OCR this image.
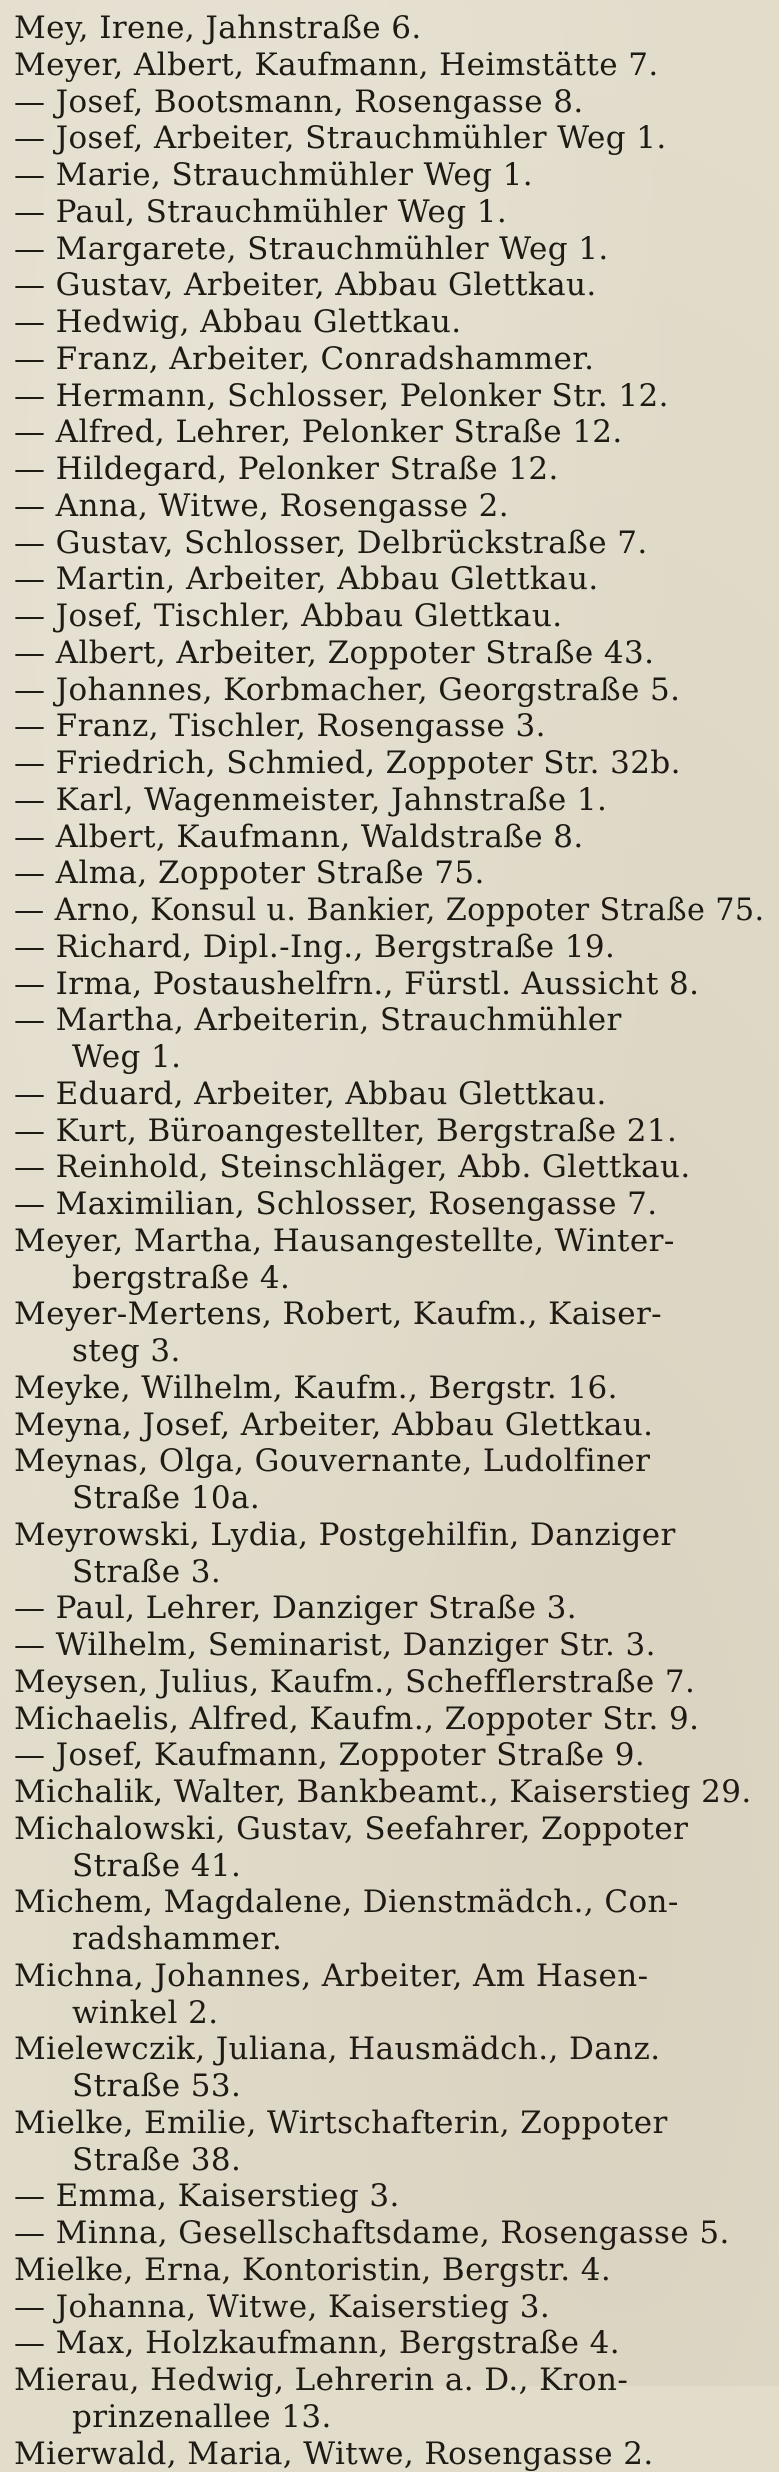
Mey, Irene, Jahnstraße 6.
Meyer, Albert, Kaufmann, Heimstätte 7.
— Josef, Bootsmann, Rosengasse 8.
— Josef, Arbeiter, Strauchmühler Weg 1.
— Marie, Strauchmühler Weg 1.
— Paul, Strauchmühler Weg 1.
— Margarete, Strauchmühler Weg 1.
— Gustav, Arbeiter, Abbau Glettkau.
— Hedwig, Abbau Glettkau.
— Franz, Arbeiter, Conradshammer.
— Hermann, Schlosser, Pelonker Str. 12.
— Alfred, Lehrer, Pelonker Straße 12.
— Hildegard, Pelonker Straße 12.
— Anna, Witwe, Rosengasse 2.
— Gustav, Schlosser, Delbrückstraße 7.
— Martin, Arbeiter, Abbau Glettkau.
— Josef, Tischler, Abbau Glettkau.
— Albert, Arbeiter, Zoppoter Straße 43.
— Johannes, Korbmacher, Georgstraße 5.
— Franz, Tischler, Rosengasse 3.
— Friedrich, Schmied, Zoppoter Str. 32b.
— Karl, Wagenmeister, Jahnstraße 1.
— Albert, Kaufmann, Waldstraße 8.
— Alma, Zoppoter Straße 75.
— Arno, Konsul u. Bankier, Zoppoter Straße 75.
— Richard, Dipl.-Ing., Bergstraße 19.
— Irma, Postaushelfrn., Fürstl. Aussicht 8.
— Martha, Arbeiterin, Strauchmühler
Weg 1.
— Eduard, Arbeiter, Abbau Glettkau.
— Kurt, Büroangestellter, Bergstraße 21.
— Reinhold, Steinschläger, Abb. Glettkau.
— Maximilian, Schlosser, Rosengasse 7.
Meyer, Martha, Hausangestellte, Winter-
bergstraße 4.
Meyer-Mertens, Robert, Kaufm., Kaiser-
steg 3.
Meyke, Wilhelm, Kaufm., Bergstr. 16.
Meyna, Josef, Arbeiter, Abbau Glettkau.
Meynas, Olga, Gouvernante, Ludolfiner
Straße 10a.
Meyrowski, Lydia, Postgehilfin, Danziger
Straße 3.
— Paul, Lehrer, Danziger Straße 3.
— Wilhelm, Seminarist, Danziger Str. 3.
Meysen, Julius, Kaufm., Schefflerstraße 7.
Michaelis, Alfred, Kaufm., Zoppoter Str. 9.
— Josef, Kaufmann, Zoppoter Straße 9.
Michalik, Walter, Bankbeamt., Kaiserstieg 29.
Michalowski, Gustav, Seefahrer, Zoppoter
Straße 41.
Michem, Magdalene, Dienstmädch., Con-
radshammer.
Michna, Johannes, Arbeiter, Am Hasen-
winkel 2.
Mielewczik, Juliana, Hausmädch., Danz.
Straße 53.
Mielke, Emilie, Wirtschafterin, Zoppoter
Straße 38.
— Emma, Kaiserstieg 3.
— Minna, Gesellschaftsdame, Rosengasse 5.
Mielke, Erna, Kontoristin, Bergstr. 4.
— Johanna, Witwe, Kaiserstieg 3.
— Max, Holzkaufmann, Bergstraße 4.
Mierau, Hedwig, Lehrerin a. D., Kron-
prinzenallee 13.
Mierwald, Maria, Witwe, Rosengasse 2.
